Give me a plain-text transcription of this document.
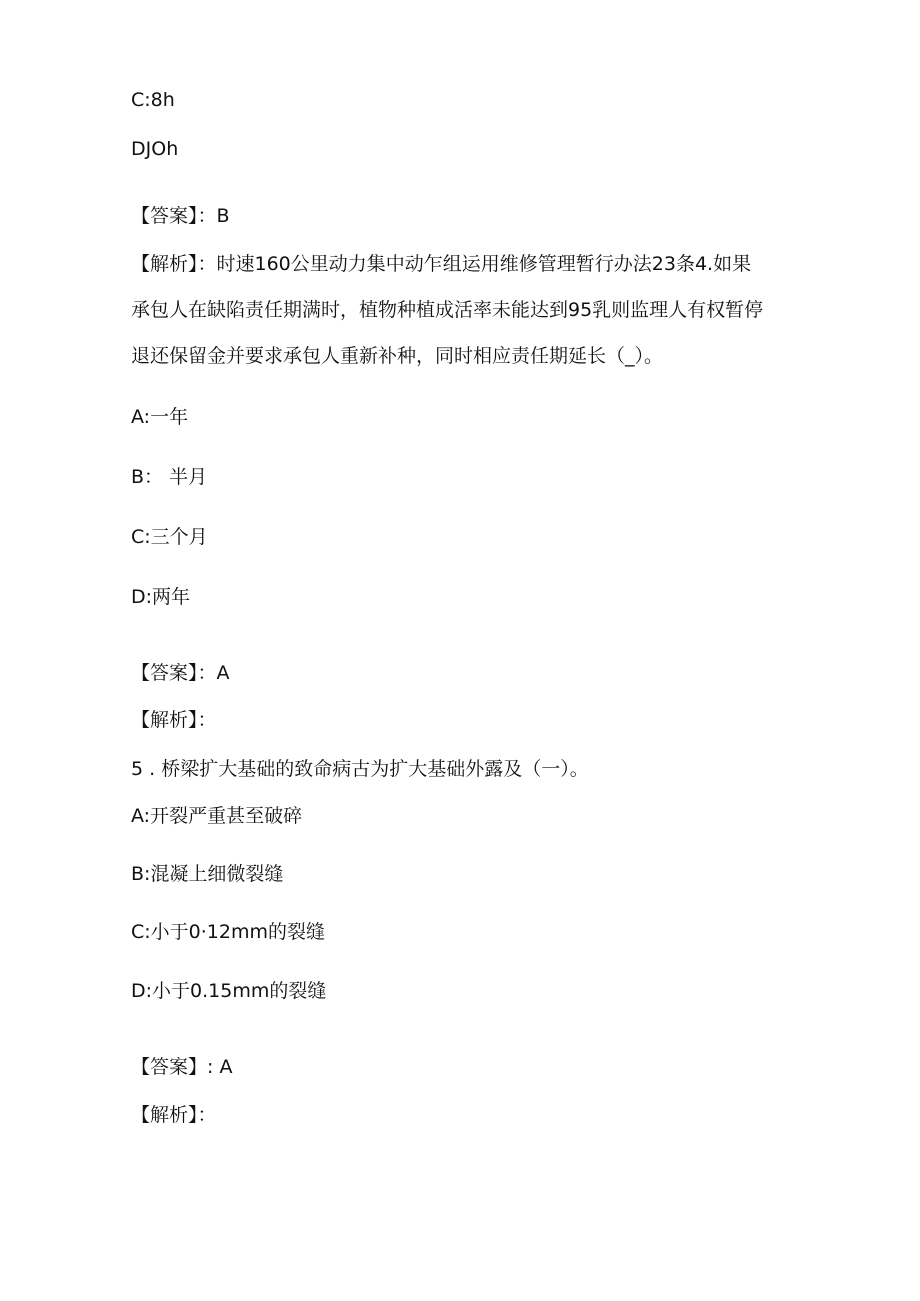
C:8h
DJOh
【答案】：B
【解析】：时速160公里动力集中动乍组运用维修管理暂行办法23条4.如果
承包人在缺陷责任期满时，植物种植成活率未能达到95乳则监理人有权暂停
退还保留金并要求承包人重新补种，同时相应责任期延长（_）。
A:一年
B： 半月
C:三个月
D:两年
【答案】：A
【解析】：
5 . 桥梁扩大基础的致命病古为扩大基础外露及（一）。
A:开裂严重甚至破碎
B:混凝上细微裂缝
C:小于0·12mm的裂缝
D:小于0.15mm的裂缝
【答案】: A
【解析】：
